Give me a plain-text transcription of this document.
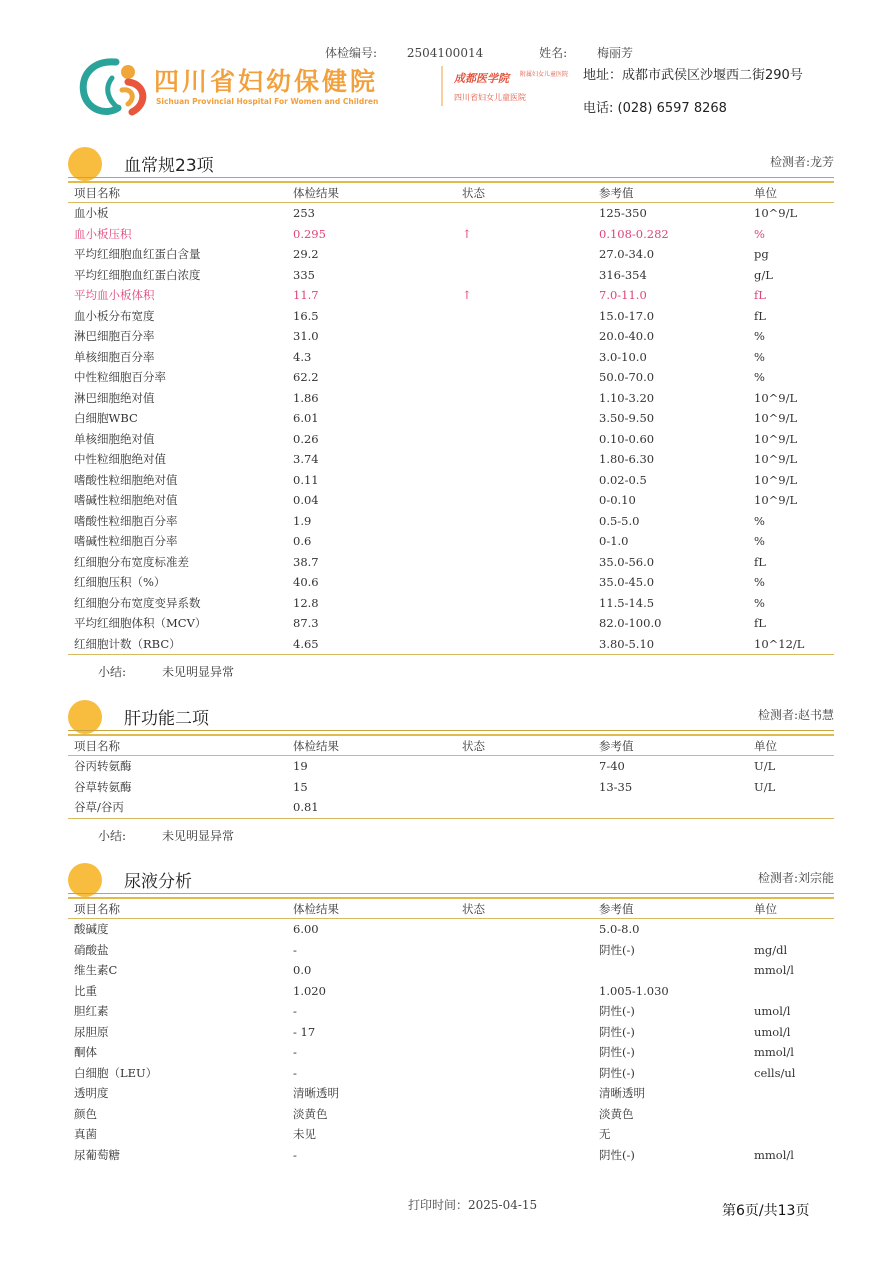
体检编号: 2504100014	姓名: 梅丽芳
四川省妇幼保健院
Sichuan Provincial Hospital For Women and Children
成都医学院	附属妇女儿童医院
四川省妇女儿童医院
地址：成都市武侯区沙堰西二街290号
电话: (028) 6597 8268
血常规23项	检测者:龙芳
项目名称	体检结果	状态	参考值	单位
血小板	253		125-350	10^9/L
血小板压积	0.295	↑	0.108-0.282	%
平均红细胞血红蛋白含量	29.2		27.0-34.0	pg
平均红细胞血红蛋白浓度	335		316-354	g/L
平均血小板体积	11.7	↑	7.0-11.0	fL
血小板分布宽度	16.5		15.0-17.0	fL
淋巴细胞百分率	31.0		20.0-40.0	%
单核细胞百分率	4.3		3.0-10.0	%
中性粒细胞百分率	62.2		50.0-70.0	%
淋巴细胞绝对值	1.86		1.10-3.20	10^9/L
白细胞WBC	6.01		3.50-9.50	10^9/L
单核细胞绝对值	0.26		0.10-0.60	10^9/L
中性粒细胞绝对值	3.74		1.80-6.30	10^9/L
嗜酸性粒细胞绝对值	0.11		0.02-0.5	10^9/L
嗜碱性粒细胞绝对值	0.04		0-0.10	10^9/L
嗜酸性粒细胞百分率	1.9		0.5-5.0	%
嗜碱性粒细胞百分率	0.6		0-1.0	%
红细胞分布宽度标准差	38.7		35.0-56.0	fL
红细胞压积（%）	40.6		35.0-45.0	%
红细胞分布宽度变异系数	12.8		11.5-14.5	%
平均红细胞体积（MCV）	87.3		82.0-100.0	fL
红细胞计数（RBC）	4.65		3.80-5.10	10^12/L
小结:	未见明显异常
肝功能二项	检测者:赵书慧
项目名称	体检结果	状态	参考值	单位
谷丙转氨酶	19		7-40	U/L
谷草转氨酶	15		13-35	U/L
谷草/谷丙	0.81			
小结:	未见明显异常
尿液分析	检测者:刘宗能
项目名称	体检结果	状态	参考值	单位
酸碱度	6.00		5.0-8.0	
硝酸盐	-		阴性(-)	mg/dl
维生素C	0.0			mmol/l
比重	1.020		1.005-1.030	
胆红素	-		阴性(-)	umol/l
尿胆原	- 17		阴性(-)	umol/l
酮体	-		阴性(-)	mmol/l
白细胞（LEU）	-		阴性(-)	cells/ul
透明度	清晰透明		清晰透明	
颜色	淡黄色		淡黄色	
真菌	未见		无	
尿葡萄糖	-		阴性(-)	mmol/l
打印时间：2025-04-15	第6页/共13页
